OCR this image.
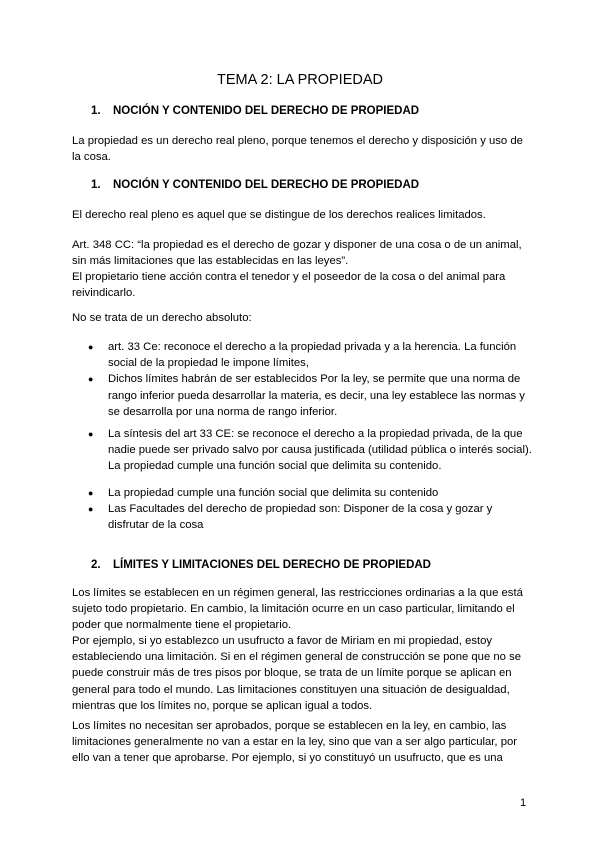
TEMA 2: LA PROPIEDAD
1. NOCIÓN Y CONTENIDO DEL DERECHO DE PROPIEDAD
La propiedad es un derecho real pleno, porque tenemos el derecho y disposición y uso de la cosa.
1. NOCIÓN Y CONTENIDO DEL DERECHO DE PROPIEDAD
El derecho real pleno es aquel que se distingue de los derechos realices limitados.
Art. 348 CC: “la propiedad es el derecho de gozar y disponer de una cosa o de un animal, sin más limitaciones que las establecidas en las leyes”.
El propietario tiene acción contra el tenedor y el poseedor de la cosa o del animal para reivindicarlo.
No se trata de un derecho absoluto:
● art. 33 Ce: reconoce el derecho a la propiedad privada y a la herencia. La función social de la propiedad le impone límites,
● Dichos límites habrán de ser establecidos Por la ley, se permite que una norma de rango inferior pueda desarrollar la materia, es decir, una ley establece las normas y se desarrolla por una norma de rango inferior.
● La síntesis del art 33 CE: se reconoce el derecho a la propiedad privada, de la que nadie puede ser privado salvo por causa justificada (utilidad pública o interés social). La propiedad cumple una función social que delimita su contenido.
● La propiedad cumple una función social que delimita su contenido
● Las Facultades del derecho de propiedad son: Disponer de la cosa y gozar y disfrutar de la cosa
2. LÍMITES Y LIMITACIONES DEL DERECHO DE PROPIEDAD
Los límites se establecen en un régimen general, las restricciones ordinarias a la que está sujeto todo propietario. En cambio, la limitación ocurre en un caso particular, limitando el poder que normalmente tiene el propietario.
Por ejemplo, si yo establezco un usufructo a favor de Miriam en mi propiedad, estoy estableciendo una limitación. Si en el régimen general de construcción se pone que no se puede construir más de tres pisos por bloque, se trata de un límite porque se aplican en general para todo el mundo. Las limitaciones constituyen una situación de desigualdad, mientras que los límites no, porque se aplican igual a todos.
Los límites no necesitan ser aprobados, porque se establecen en la ley, en cambio, las limitaciones generalmente no van a estar en la ley, sino que van a ser algo particular, por ello van a tener que aprobarse. Por ejemplo, si yo constituyó un usufructo, que es una
1
